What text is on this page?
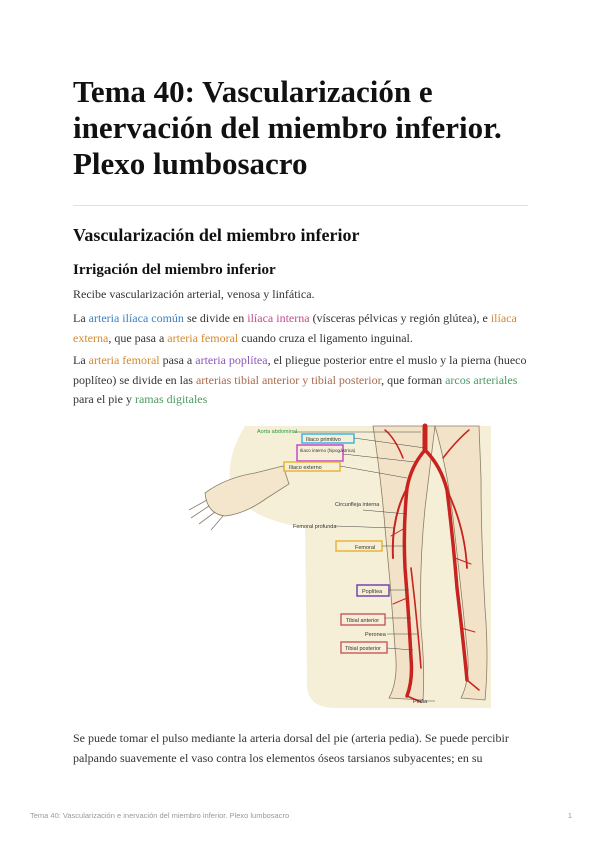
Tema 40: Vascularización e inervación del miembro inferior. Plexo lumbosacro
Vascularización del miembro inferior
Irrigación del miembro inferior

Recibe vascularización arterial, venosa y linfática.

La arteria ilíaca común se divide en ilíaca interna (vísceras pélvicas y región glútea), e ilíaca externa, que pasa a arteria femoral cuando cruza el ligamento inguinal.

La arteria femoral pasa a arteria poplítea, el pliegue posterior entre el muslo y la pierna (hueco poplíteo) se divide en las arterias tibial anterior y tibial posterior, que forman arcos arteriales para el pie y ramas digitales

Aorta abdominal
Iliaco primitivo
Iliaco interno (hipogástrica)
Iliaco externo
Circunfleja interna
Femoral profunda
Femoral
Poplítea
Tibial anterior
Peronea
Tibial posterior
Pedia

Se puede tomar el pulso mediante la arteria dorsal del pie (arteria pedia). Se puede percibir palpando suavemente el vaso contra los elementos óseos tarsianos subyacentes; en su

Tema 40: Vascularización e inervación del miembro inferior. Plexo lumbosacro	1
